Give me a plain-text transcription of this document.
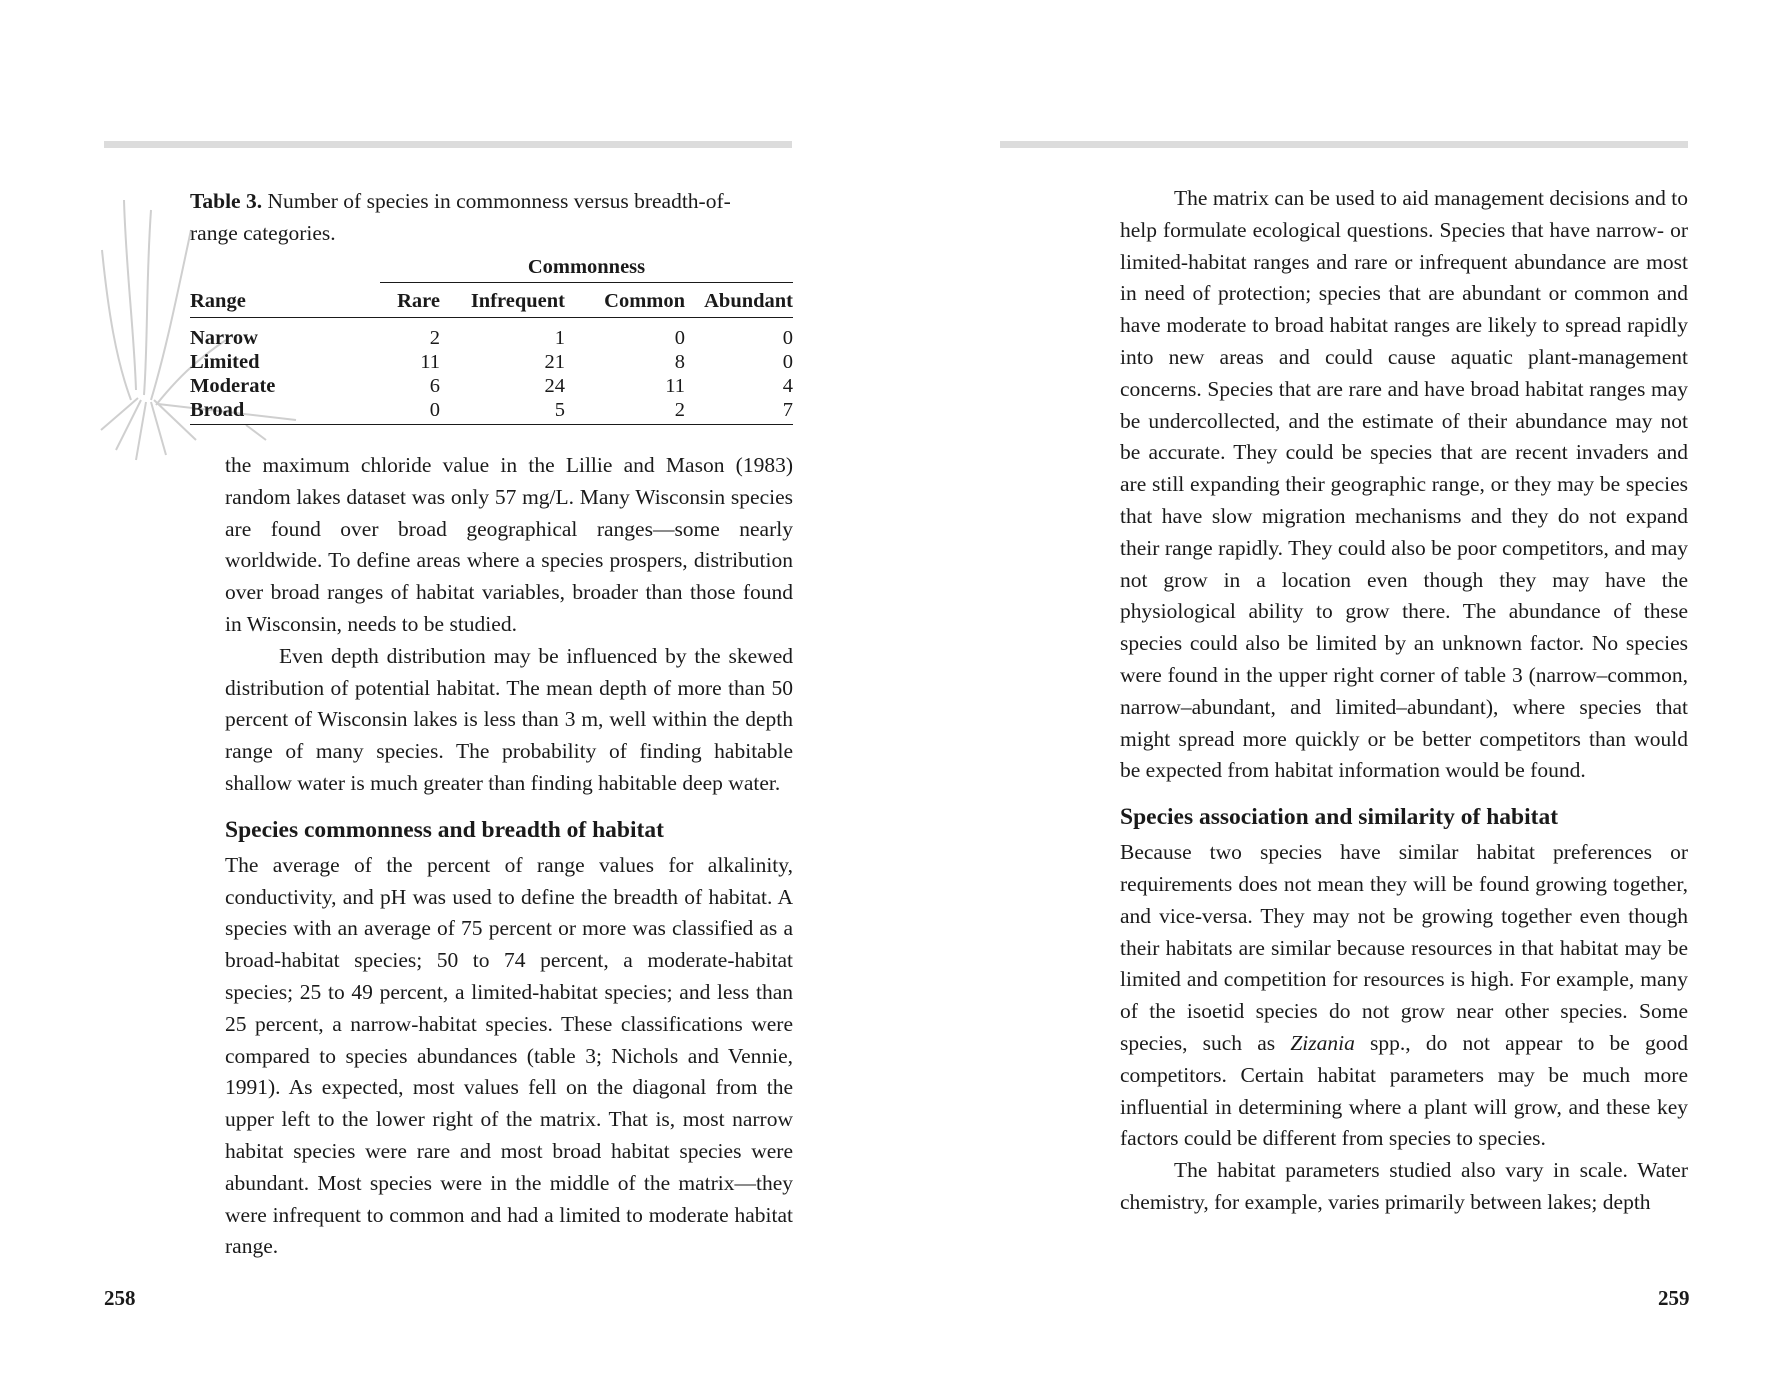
Table 3. Number of species in commonness versus breadth-of-range categories.

	Commonness			
Range	Rare	Infrequent	Common	Abundant
Narrow	2	1	0	0
Limited	11	21	8	0
Moderate	6	24	11	4
Broad	0	5	2	7

the maximum chloride value in the Lillie and Mason (1983) random lakes dataset was only 57 mg/L. Many Wisconsin species are found over broad geographical ranges—some nearly worldwide. To define areas where a species prospers, distribution over broad ranges of habitat variables, broader than those found in Wisconsin, needs to be studied.

Even depth distribution may be influenced by the skewed distribution of potential habitat. The mean depth of more than 50 percent of Wisconsin lakes is less than 3 m, well within the depth range of many species. The probability of finding habitable shallow water is much greater than finding habitable deep water.

Species commonness and breadth of habitat

The average of the percent of range values for alkalinity, conductivity, and pH was used to define the breadth of habitat. A species with an average of 75 percent or more was classified as a broad-habitat species; 50 to 74 percent, a moderate-habitat species; 25 to 49 percent, a limited-habitat species; and less than 25 percent, a narrow-habitat species. These classifications were compared to species abundances (table 3; Nichols and Vennie, 1991). As expected, most values fell on the diagonal from the upper left to the lower right of the matrix. That is, most narrow habitat species were rare and most broad habitat species were abundant. Most species were in the middle of the matrix—they were infrequent to common and had a limited to moderate habitat range.

The matrix can be used to aid management decisions and to help formulate ecological questions. Species that have narrow- or limited-habitat ranges and rare or infrequent abundance are most in need of protection; species that are abundant or common and have moderate to broad habitat ranges are likely to spread rapidly into new areas and could cause aquatic plant-management concerns. Species that are rare and have broad habitat ranges may be undercollected, and the estimate of their abundance may not be accurate. They could be species that are recent invaders and are still expanding their geographic range, or they may be species that have slow migration mechanisms and they do not expand their range rapidly. They could also be poor competitors, and may not grow in a location even though they may have the physiological ability to grow there. The abundance of these species could also be limited by an unknown factor. No species were found in the upper right corner of table 3 (narrow–common, narrow–abundant, and limited–abundant), where species that might spread more quickly or be better competitors than would be expected from habitat information would be found.

Species association and similarity of habitat

Because two species have similar habitat preferences or requirements does not mean they will be found growing together, and vice-versa. They may not be growing together even though their habitats are similar because resources in that habitat may be limited and competition for resources is high. For example, many of the isoetid species do not grow near other species. Some species, such as Zizania spp., do not appear to be good competitors. Certain habitat parameters may be much more influential in determining where a plant will grow, and these key factors could be different from species to species.

The habitat parameters studied also vary in scale. Water chemistry, for example, varies primarily between lakes; depth

258	259
